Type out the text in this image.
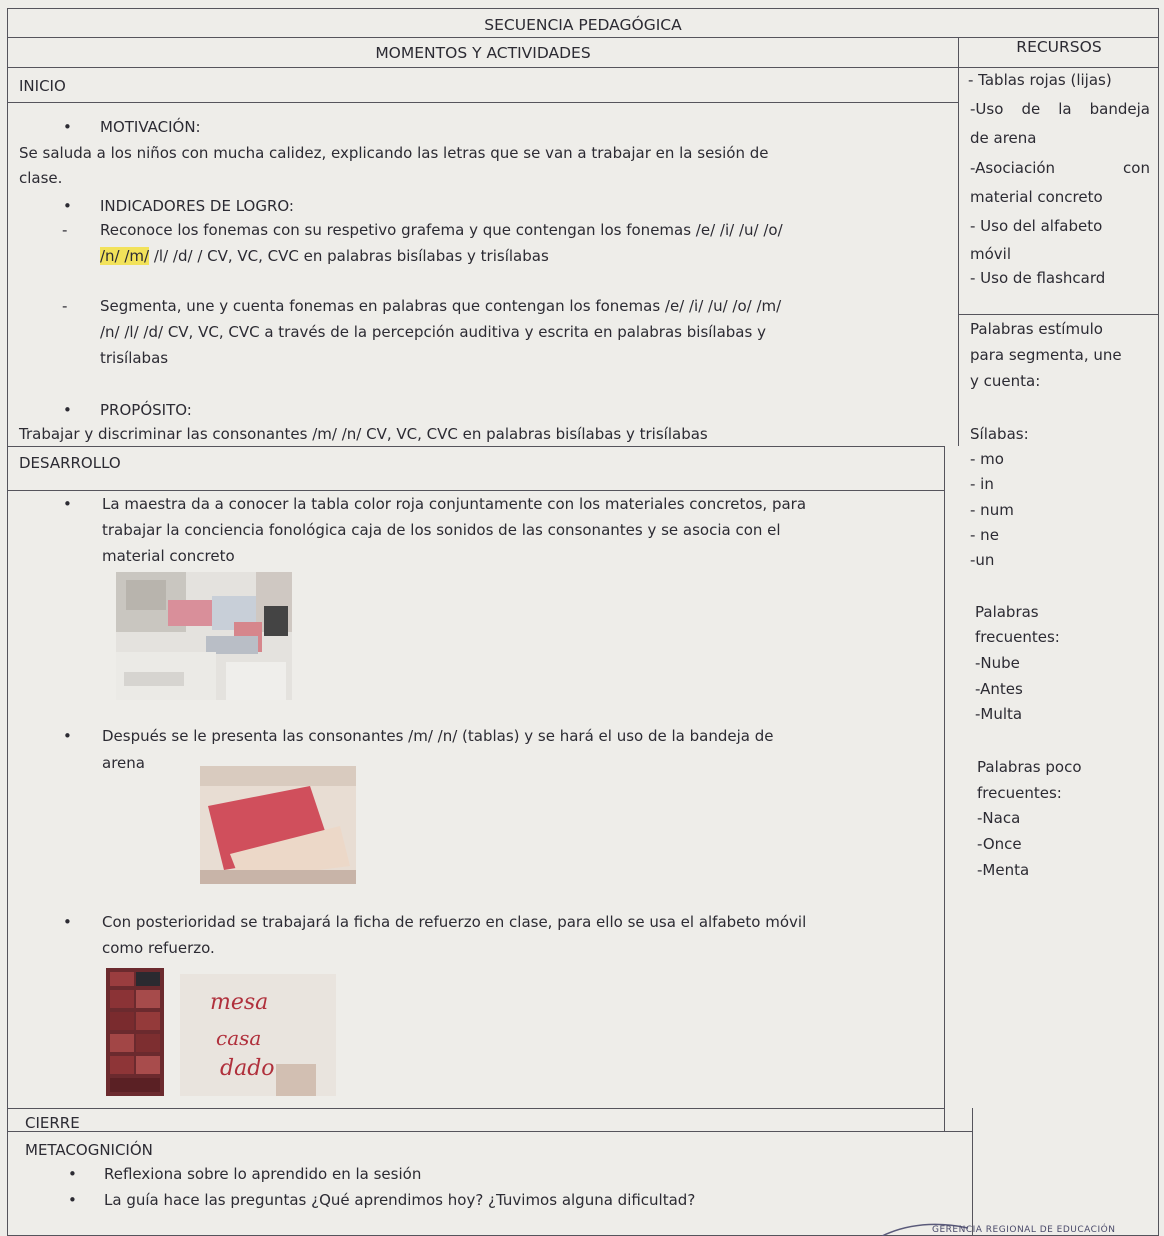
SECUENCIA PEDAGÓGICA
MOMENTOS Y ACTIVIDADES	RECURSOS
INICIO
• MOTIVACIÓN:
Se saluda a los niños con mucha calidez, explicando las letras que se van a trabajar en la sesión de
clase.
• INDICADORES DE LOGRO:
- Reconoce los fonemas con su respetivo grafema y que contengan los fonemas /e/ /i/ /u/ /o/
/n/ /m/ /l/ /d/ / CV, VC, CVC en palabras bisílabas y trisílabas
- Segmenta, une y cuenta fonemas en palabras que contengan los fonemas /e/ /i/ /u/ /o/ /m/
/n/ /l/ /d/ CV, VC, CVC a través de la percepción auditiva y escrita en palabras bisílabas y
trisílabas
• PROPÓSITO:
Trabajar y discriminar las consonantes /m/ /n/ CV, VC, CVC en palabras bisílabas y trisílabas
DESARROLLO
• La maestra da a conocer la tabla color roja conjuntamente con los materiales concretos, para
trabajar la conciencia fonológica caja de los sonidos de las consonantes y se asocia con el
material concreto
• Después se le presenta las consonantes /m/ /n/ (tablas) y se hará el uso de la bandeja de
arena
• Con posterioridad se trabajará la ficha de refuerzo en clase, para ello se usa el alfabeto móvil
como refuerzo.
mesa
casa
dado
CIERRE
METACOGNICIÓN
• Reflexiona sobre lo aprendido en la sesión
• La guía hace las preguntas ¿Qué aprendimos hoy? ¿Tuvimos alguna dificultad?
- Tablas rojas (lijas)
-Uso de la bandeja
de arena
-Asociación con
material concreto
- Uso del alfabeto
móvil
- Uso de flashcard
Palabras estímulo
para segmenta, une
y cuenta:
Sílabas:
- mo
- in
- num
- ne
-un
Palabras
frecuentes:
-Nube
-Antes
-Multa
Palabras poco
frecuentes:
-Naca
-Once
-Menta
GERENCIA REGIONAL DE EDUCACIÓN
